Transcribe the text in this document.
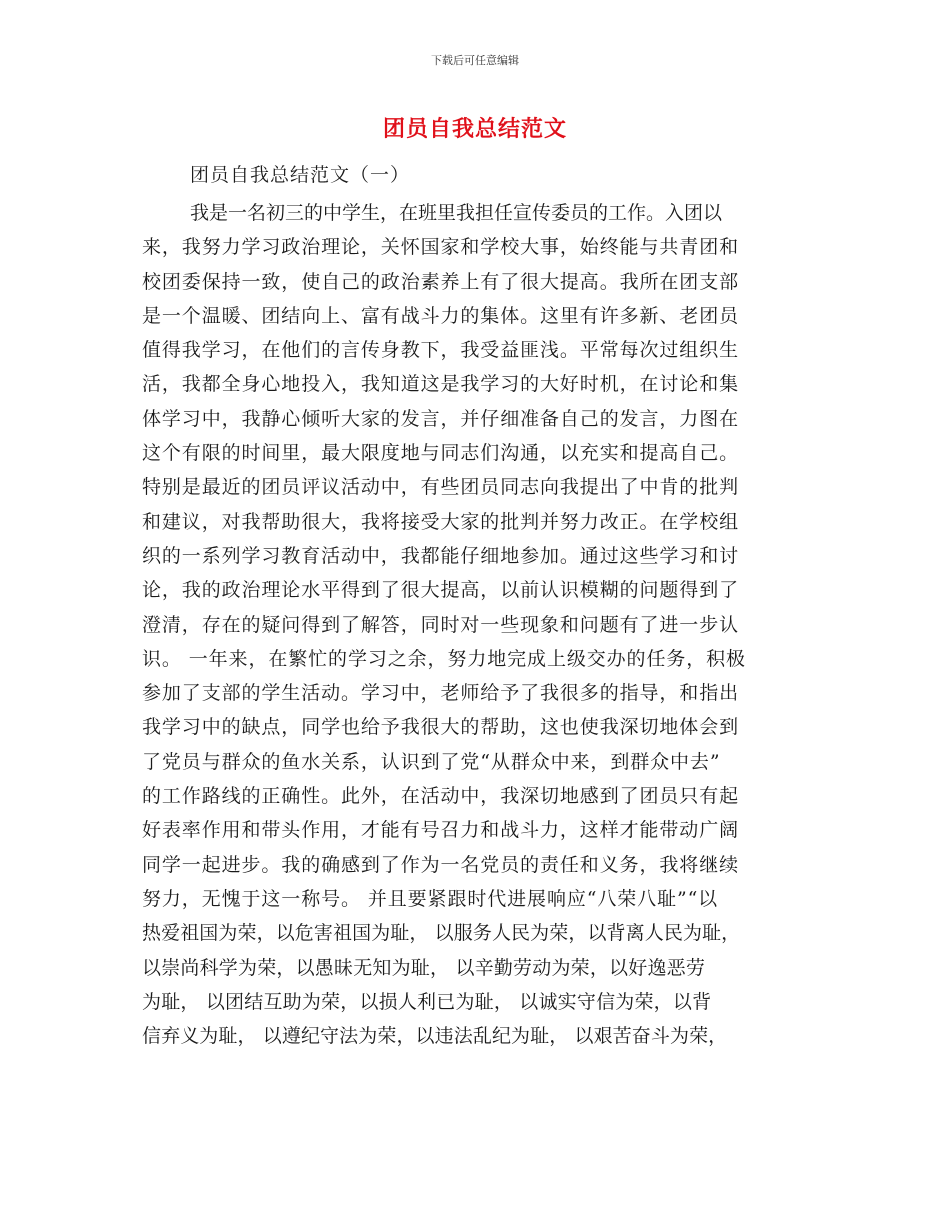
下载后可任意编辑
团员自我总结范文
团员自我总结范文（一）
我是一名初三的中学生，在班里我担任宣传委员的工作。入团以
来，我努力学习政治理论，关怀国家和学校大事，始终能与共青团和
校团委保持一致，使自己的政治素养上有了很大提高。我所在团支部
是一个温暖、团结向上、富有战斗力的集体。这里有许多新、老团员
值得我学习，在他们的言传身教下，我受益匪浅。平常每次过组织生
活，我都全身心地投入，我知道这是我学习的大好时机，在讨论和集
体学习中，我静心倾听大家的发言，并仔细准备自己的发言，力图在
这个有限的时间里，最大限度地与同志们沟通，以充实和提高自己。
特别是最近的团员评议活动中，有些团员同志向我提出了中肯的批判
和建议，对我帮助很大，我将接受大家的批判并努力改正。在学校组
织的一系列学习教育活动中，我都能仔细地参加。通过这些学习和讨
论，我的政治理论水平得到了很大提高，以前认识模糊的问题得到了
澄清，存在的疑问得到了解答，同时对一些现象和问题有了进一步认
识。 一年来，在繁忙的学习之余，努力地完成上级交办的任务，积极
参加了支部的学生活动。学习中，老师给予了我很多的指导，和指出
我学习中的缺点，同学也给予我很大的帮助，这也使我深切地体会到
了党员与群众的鱼水关系，认识到了党“从群众中来，到群众中去”
的工作路线的正确性。此外，在活动中，我深切地感到了团员只有起
好表率作用和带头作用，才能有号召力和战斗力，这样才能带动广阔
同学一起进步。我的确感到了作为一名党员的责任和义务，我将继续
努力，无愧于这一称号。 并且要紧跟时代进展响应“八荣八耻”“以
热爱祖国为荣，以危害祖国为耻， 以服务人民为荣，以背离人民为耻，
以崇尚科学为荣，以愚昧无知为耻， 以辛勤劳动为荣，以好逸恶劳
为耻， 以团结互助为荣，以损人利已为耻， 以诚实守信为荣，以背
信弃义为耻， 以遵纪守法为荣，以违法乱纪为耻， 以艰苦奋斗为荣，
